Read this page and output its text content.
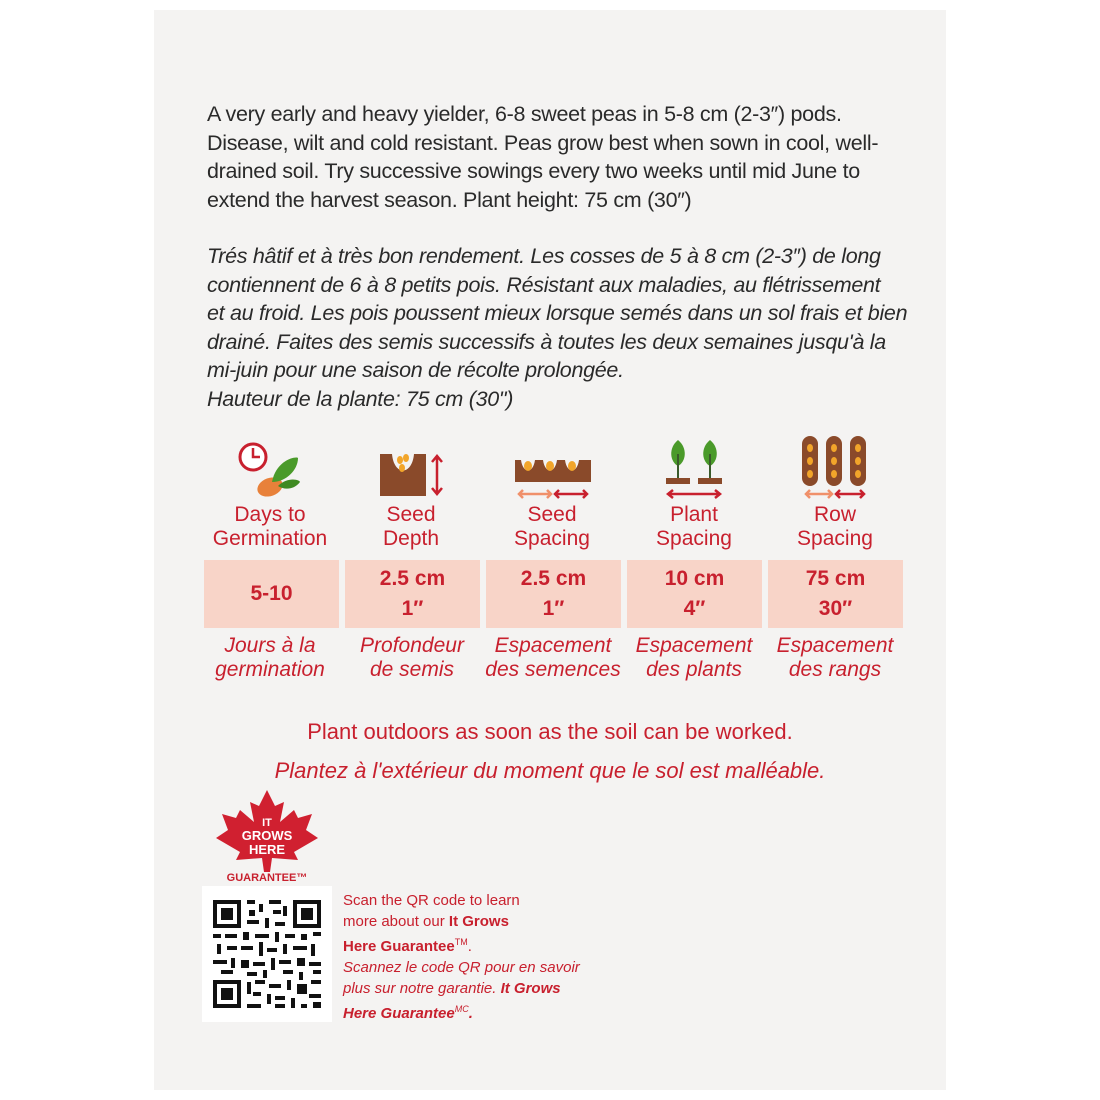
A very early and heavy yielder, 6-8 sweet peas in 5-8 cm (2-3″) pods.
Disease, wilt and cold resistant. Peas grow best when sown in cool, well-
drained soil. Try successive sowings every two weeks until mid June to
extend the harvest season. Plant height: 75 cm (30″)
Trés hâtif et à très bon rendement. Les cosses de 5 à 8 cm (2-3″) de long
contiennent de 6 à 8 petits pois. Résistant aux maladies, au flétrissement
et au froid. Les pois poussent mieux lorsque semés dans un sol frais et bien
drainé. Faites des semis successifs à toutes les deux semaines jusqu'à la
mi-juin pour une saison de récolte prolongée.
Hauteur de la plante: 75 cm (30")
Days to
Germination
Seed
Depth
Seed
Spacing
Plant
Spacing
Row
Spacing
5-10
2.5 cm
1″
2.5 cm
1″
10 cm
4″
75 cm
30″
Jours à la
germination
Profondeur
de semis
Espacement
des semences
Espacement
des plants
Espacement
des rangs
Plant outdoors as soon as the soil can be worked.
Plantez à l'extérieur du moment que le sol est malléable.
IT
GROWS
HERE
GUARANTEE™
Scan the QR code to learn
more about our It Grows
Here Guarantee™.
Scannez le code QR pour en savoir
plus sur notre garantie. It Grows
Here Guarantee$^{MC}$.
